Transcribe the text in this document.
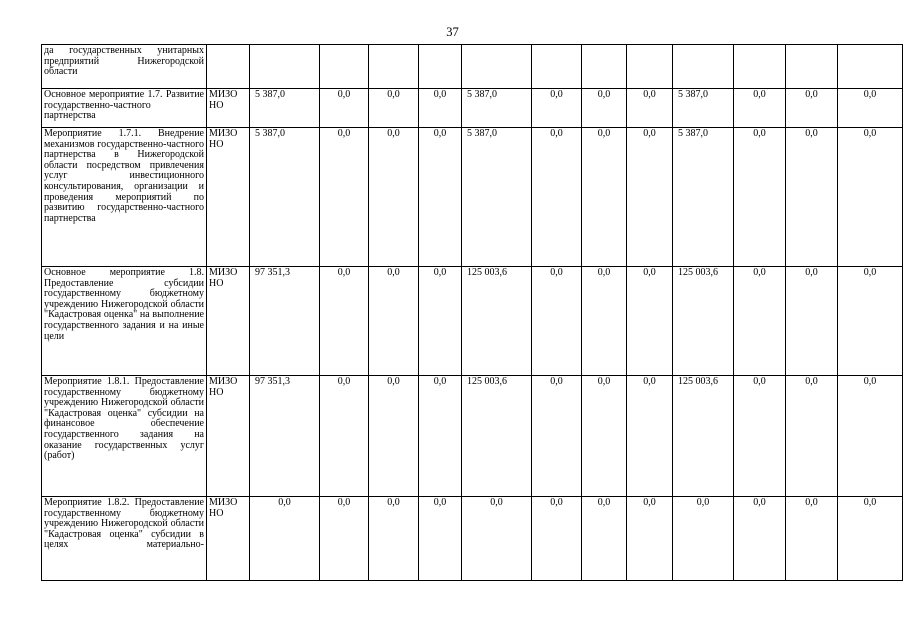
37
да государственных унитарных предприятий Нижегородской области													
Основное мероприятие 1.7. Развитие государственно-частного партнерства	МИЗО НО	5 387,0	0,0	0,0	0,0	5 387,0	0,0	0,0	0,0	5 387,0	0,0	0,0	0,0
Мероприятие 1.7.1. Внедрение механизмов государственно-частного партнерства в Нижегородской области посредством привлечения услуг инвестиционного консультирования, организации и проведения мероприятий по развитию государственно-частного партнерства	МИЗО НО	5 387,0	0,0	0,0	0,0	5 387,0	0,0	0,0	0,0	5 387,0	0,0	0,0	0,0
Основное мероприятие 1.8. Предоставление субсидии государственному бюджетному учреждению Нижегородской области "Кадастровая оценка" на выполнение государственного задания и на иные цели	МИЗО НО	97 351,3	0,0	0,0	0,0	125 003,6	0,0	0,0	0,0	125 003,6	0,0	0,0	0,0
Мероприятие 1.8.1. Предоставление государственному бюджетному учреждению Нижегородской области "Кадастровая оценка" субсидии на финансовое обеспечение государственного задания на оказание государственных услуг (работ)	МИЗО НО	97 351,3	0,0	0,0	0,0	125 003,6	0,0	0,0	0,0	125 003,6	0,0	0,0	0,0
Мероприятие 1.8.2. Предоставление государственному бюджетному учреждению Нижегородской области "Кадастровая оценка" субсидии в целях материально-	МИЗО НО	0,0	0,0	0,0	0,0	0,0	0,0	0,0	0,0	0,0	0,0	0,0	0,0
